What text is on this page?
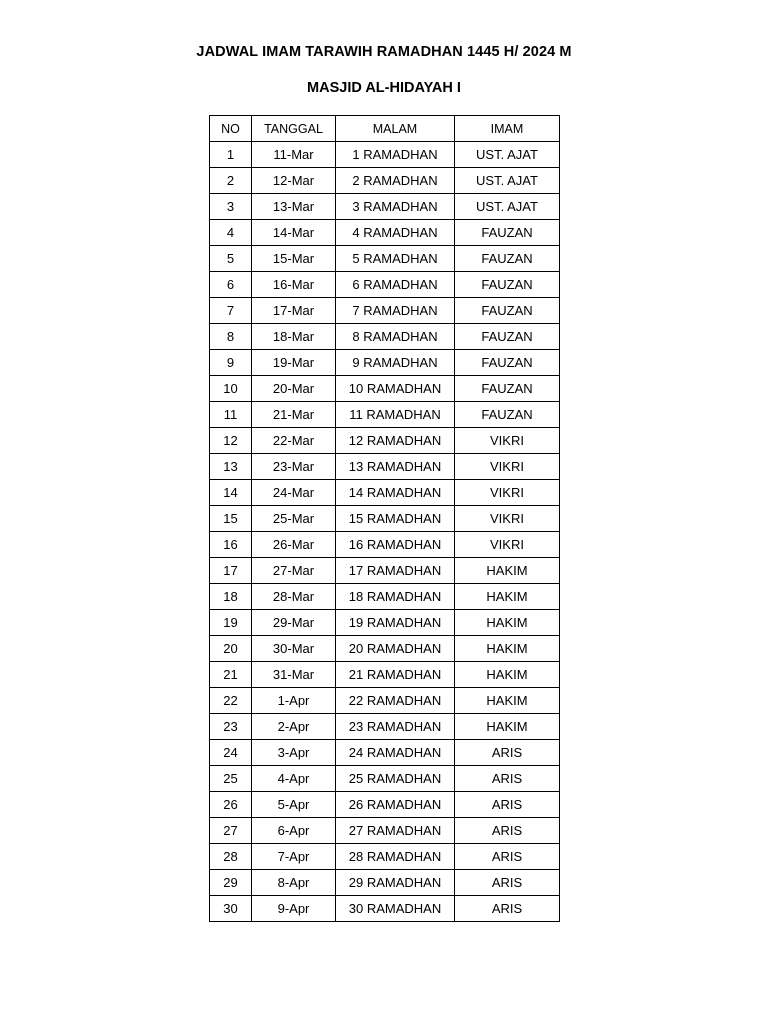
JADWAL IMAM TARAWIH RAMADHAN 1445 H/ 2024 M
MASJID AL-HIDAYAH I
NO	TANGGAL	MALAM	IMAM
1	11-Mar	1 RAMADHAN	UST. AJAT
2	12-Mar	2 RAMADHAN	UST. AJAT
3	13-Mar	3 RAMADHAN	UST. AJAT
4	14-Mar	4 RAMADHAN	FAUZAN
5	15-Mar	5 RAMADHAN	FAUZAN
6	16-Mar	6 RAMADHAN	FAUZAN
7	17-Mar	7 RAMADHAN	FAUZAN
8	18-Mar	8 RAMADHAN	FAUZAN
9	19-Mar	9 RAMADHAN	FAUZAN
10	20-Mar	10 RAMADHAN	FAUZAN
11	21-Mar	11 RAMADHAN	FAUZAN
12	22-Mar	12 RAMADHAN	VIKRI
13	23-Mar	13 RAMADHAN	VIKRI
14	24-Mar	14 RAMADHAN	VIKRI
15	25-Mar	15 RAMADHAN	VIKRI
16	26-Mar	16 RAMADHAN	VIKRI
17	27-Mar	17 RAMADHAN	HAKIM
18	28-Mar	18 RAMADHAN	HAKIM
19	29-Mar	19 RAMADHAN	HAKIM
20	30-Mar	20 RAMADHAN	HAKIM
21	31-Mar	21 RAMADHAN	HAKIM
22	1-Apr	22 RAMADHAN	HAKIM
23	2-Apr	23 RAMADHAN	HAKIM
24	3-Apr	24 RAMADHAN	ARIS
25	4-Apr	25 RAMADHAN	ARIS
26	5-Apr	26 RAMADHAN	ARIS
27	6-Apr	27 RAMADHAN	ARIS
28	7-Apr	28 RAMADHAN	ARIS
29	8-Apr	29 RAMADHAN	ARIS
30	9-Apr	30 RAMADHAN	ARIS
